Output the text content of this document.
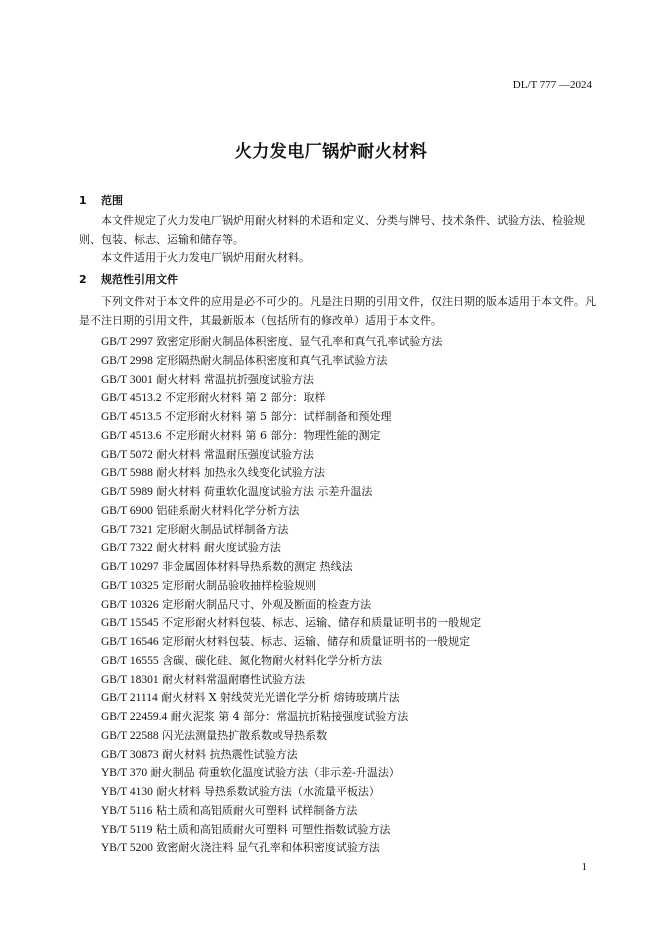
DL/T 777 —2024
火力发电厂锅炉耐火材料
1 范围
本文件规定了火力发电厂锅炉用耐火材料的术语和定义、分类与牌号、技术条件、试验方法、检验规则、包装、标志、运输和储存等。
本文件适用于火力发电厂锅炉用耐火材料。
2 规范性引用文件
下列文件对于本文件的应用是必不可少的。凡是注日期的引用文件，仅注日期的版本适用于本文件。凡是不注日期的引用文件，其最新版本（包括所有的修改单）适用于本文件。
GB/T 2997 致密定形耐火制品体积密度、显气孔率和真气孔率试验方法
GB/T 2998 定形隔热耐火制品体积密度和真气孔率试验方法
GB/T 3001 耐火材料 常温抗折强度试验方法
GB/T 4513.2 不定形耐火材料 第 2 部分：取样
GB/T 4513.5 不定形耐火材料 第 5 部分：试样制备和预处理
GB/T 4513.6 不定形耐火材料 第 6 部分：物理性能的测定
GB/T 5072 耐火材料 常温耐压强度试验方法
GB/T 5988 耐火材料 加热永久线变化试验方法
GB/T 5989 耐火材料 荷重软化温度试验方法 示差升温法
GB/T 6900 铝硅系耐火材料化学分析方法
GB/T 7321 定形耐火制品试样制备方法
GB/T 7322 耐火材料 耐火度试验方法
GB/T 10297 非金属固体材料导热系数的测定 热线法
GB/T 10325 定形耐火制品验收抽样检验规则
GB/T 10326 定形耐火制品尺寸、外观及断面的检查方法
GB/T 15545 不定形耐火材料包装、标志、运输、储存和质量证明书的一般规定
GB/T 16546 定形耐火材料包装、标志、运输、储存和质量证明书的一般规定
GB/T 16555 含碳、碳化硅、氮化物耐火材料化学分析方法
GB/T 18301 耐火材料常温耐磨性试验方法
GB/T 21114 耐火材料 X 射线荧光光谱化学分析 熔铸玻璃片法
GB/T 22459.4 耐火泥浆 第 4 部分：常温抗折粘接强度试验方法
GB/T 22588 闪光法测量热扩散系数或导热系数
GB/T 30873 耐火材料 抗热震性试验方法
YB/T 370 耐火制品 荷重软化温度试验方法（非示差-升温法）
YB/T 4130 耐火材料 导热系数试验方法（水流量平板法）
YB/T 5116 粘土质和高铝质耐火可塑料 试样制备方法
YB/T 5119 粘土质和高铝质耐火可塑料 可塑性指数试验方法
YB/T 5200 致密耐火浇注料 显气孔率和体积密度试验方法
1
